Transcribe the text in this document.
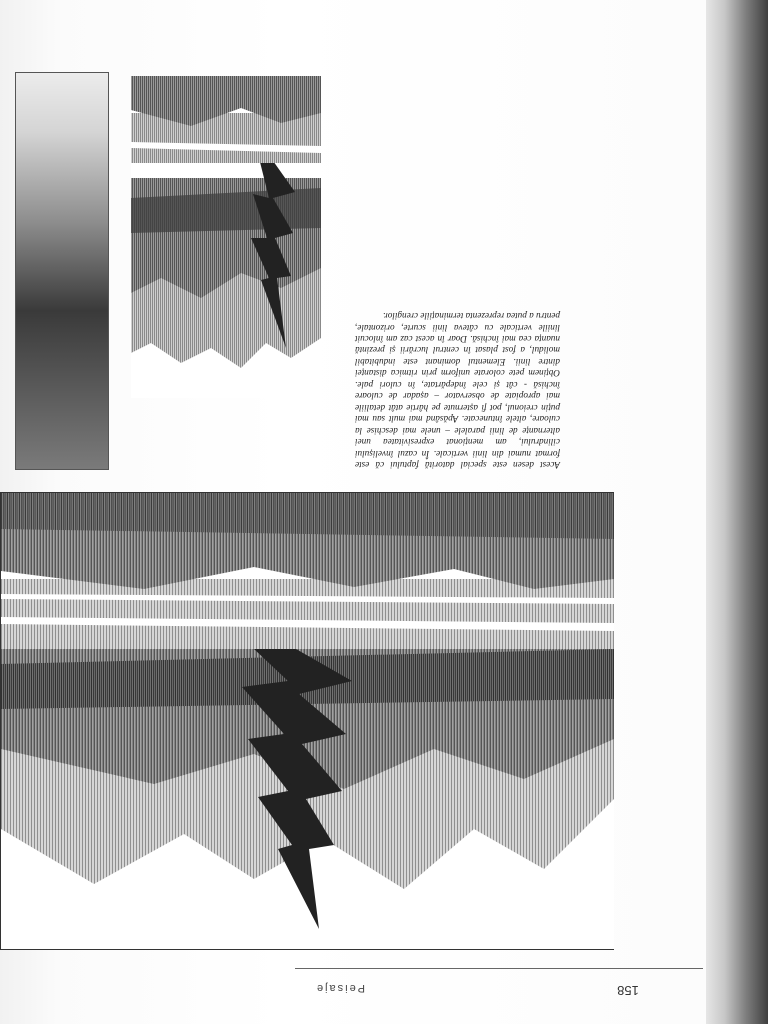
Acest desen este special datorită faptului că este format numai din linii verticale. În cazul învelișului cilindrului, am menționat expresivitatea unei alternanțe de linii paralele – unele mai deschise la culoare, altele întunecate. Apăsând mai mult sau mai puțin creionul, pot fi așternute pe hârtie atât detaliile mai apropiate de observator – așadar de culoare închisă - cât și cele îndepărtate, în culori pale. Obținem pete colorate uniform prin ritmica distanței dintre linii. Elementul dominant este indubitabil molidul, a fost plasat în centrul lucrării și prezintă nuanța cea mai închisă. Doar în acest caz am înlocuit liniile verticale cu câteva linii scurte, orizontale, pentru a putea reprezenta terminațiile crengilor.

158
Peisaje
